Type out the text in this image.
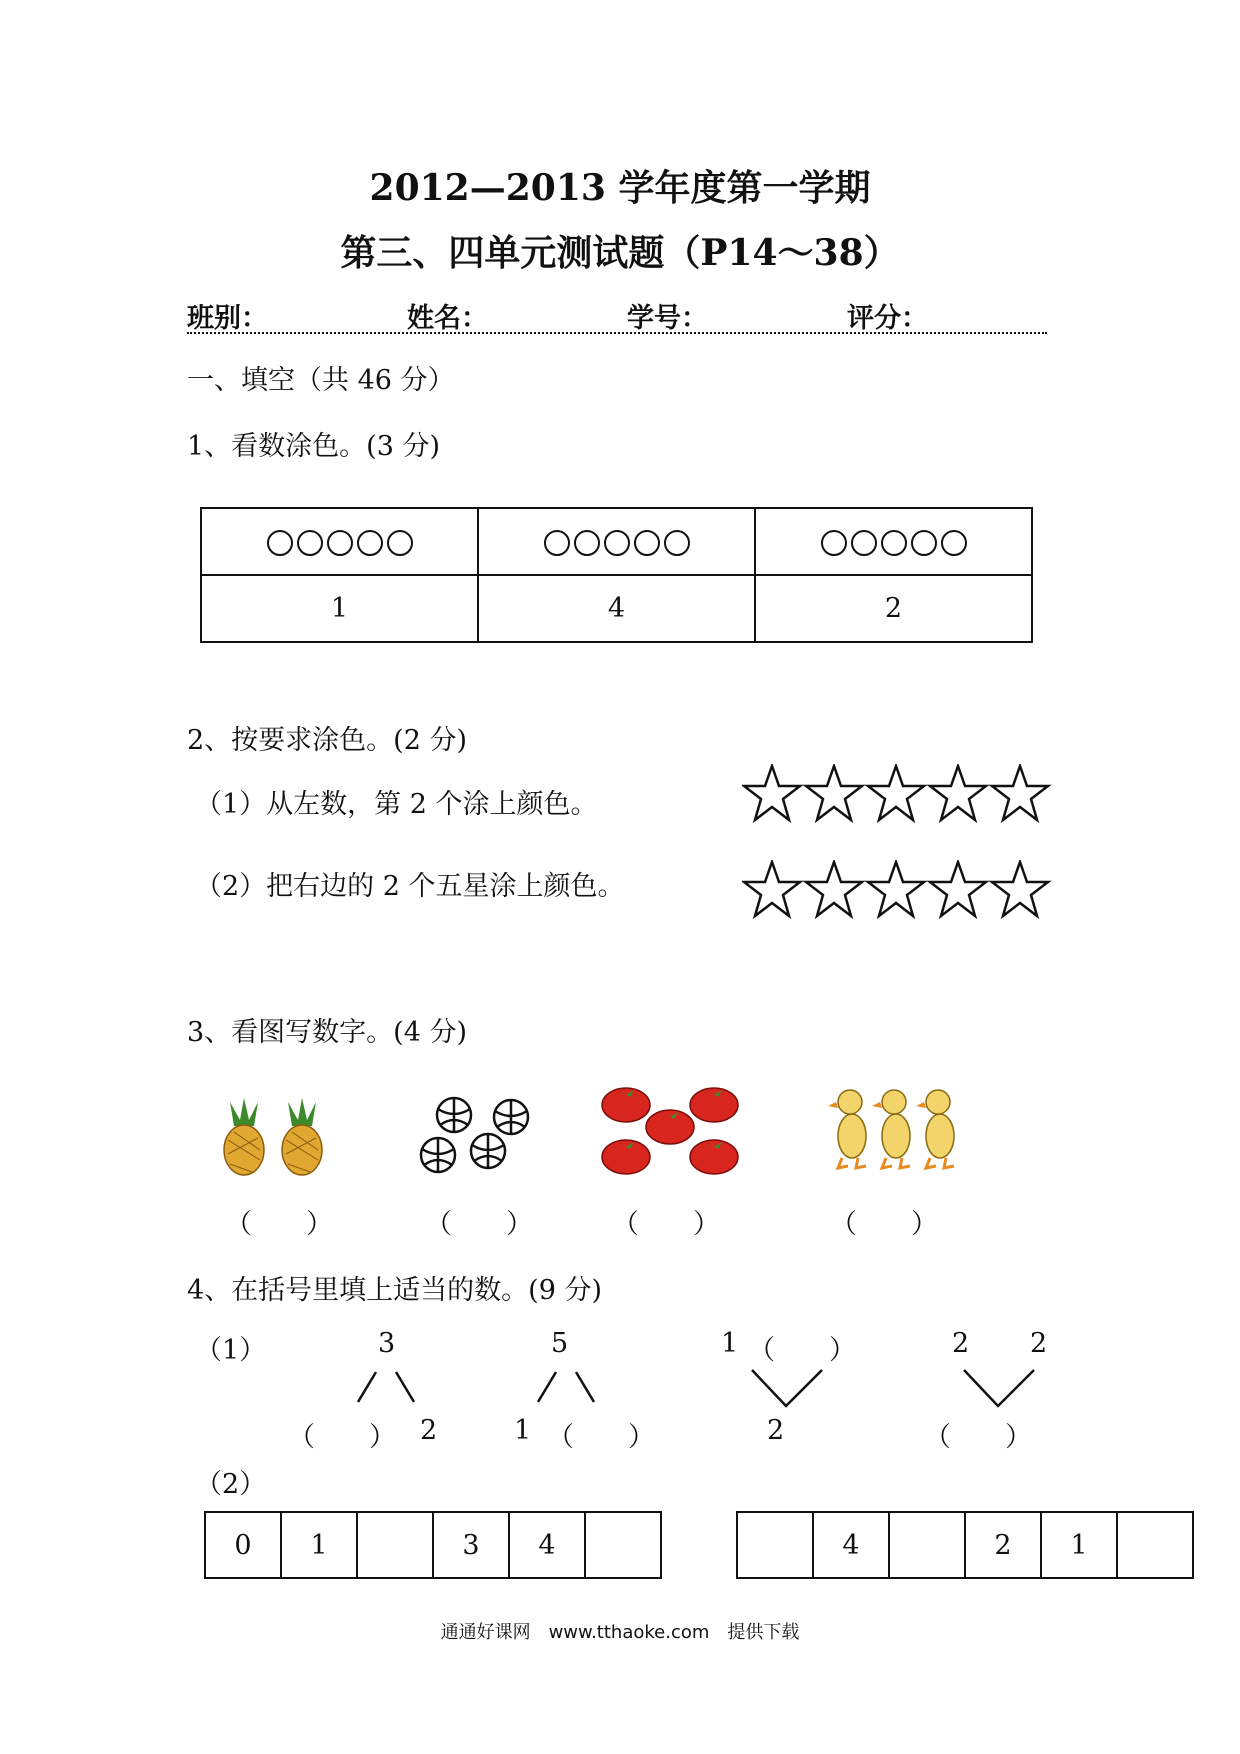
2012—2013 学年度第一学期
第三、四单元测试题（P14～38）
班别：	姓名：	学号：	评分：
一、填空（共 46 分）
1、看数涂色。(3 分)

1	4	2
2、按要求涂色。(2 分)
（1）从左数，第 2 个涂上颜色。
（2）把右边的 2 个五星涂上颜色。
3、看图写数字。(4 分)
（　　）	（　　）	（　　）	（　　）
4、在括号里填上适当的数。(9 分)
（1）	3
（　　） 2
5
1 （　　）
1 （　　）
2
2 2
（　　）
（2）
0	1		3	4	
		4		2	1	
通通好课网　www.tthaoke.com　提供下载
